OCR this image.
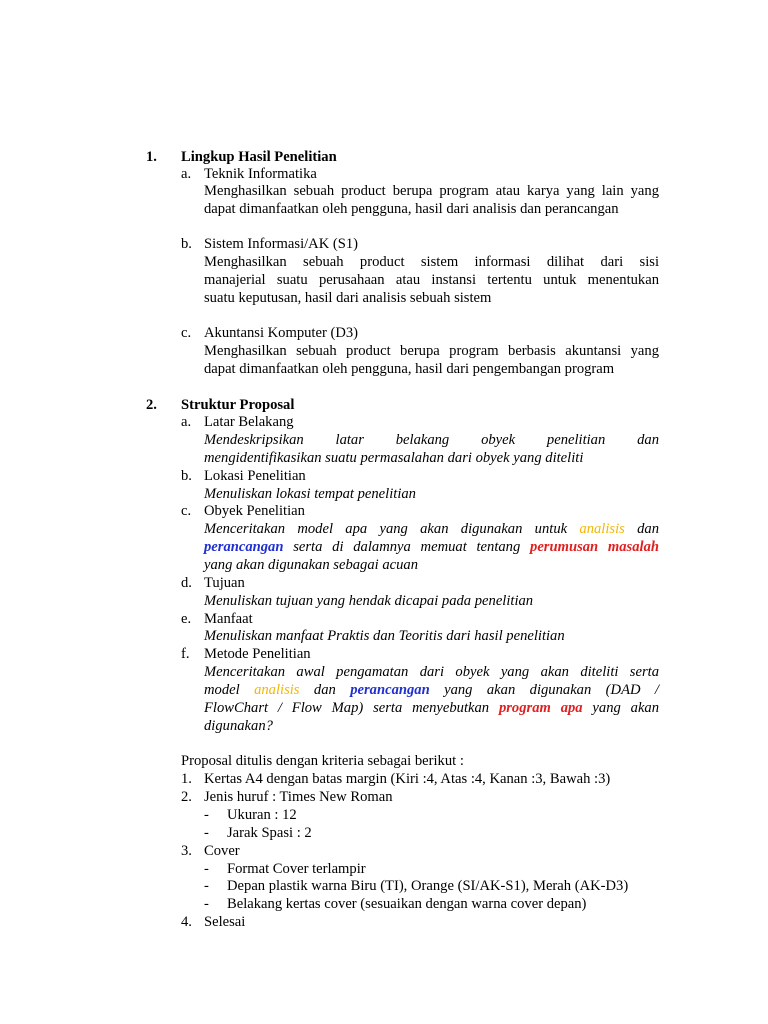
1. Lingkup Hasil Penelitian
a. Teknik Informatika
Menghasilkan sebuah product berupa program atau karya yang lain yang
dapat dimanfaatkan oleh pengguna, hasil dari analisis dan perancangan
b. Sistem Informasi/AK (S1)
Menghasilkan sebuah product sistem informasi dilihat dari sisi
manajerial suatu perusahaan atau instansi tertentu untuk menentukan
suatu keputusan, hasil dari analisis sebuah sistem
c. Akuntansi Komputer (D3)
Menghasilkan sebuah product berupa program berbasis akuntansi yang
dapat dimanfaatkan oleh pengguna, hasil dari pengembangan program
2. Struktur Proposal
a. Latar Belakang
Mendeskripsikan latar belakang obyek penelitian dan
mengidentifikasikan suatu permasalahan dari obyek yang diteliti
b. Lokasi Penelitian
Menuliskan lokasi tempat penelitian
c. Obyek Penelitian
Menceritakan model apa yang akan digunakan untuk analisis dan
perancangan serta di dalamnya memuat tentang perumusan masalah
yang akan digunakan sebagai acuan
d. Tujuan
Menuliskan tujuan yang hendak dicapai pada penelitian
e. Manfaat
Menuliskan manfaat Praktis dan Teoritis dari hasil penelitian
f. Metode Penelitian
Menceritakan awal pengamatan dari obyek yang akan diteliti serta
model analisis dan perancangan yang akan digunakan (DAD /
FlowChart / Flow Map) serta menyebutkan program apa yang akan
digunakan?
Proposal ditulis dengan kriteria sebagai berikut :
1. Kertas A4 dengan batas margin (Kiri :4, Atas :4, Kanan :3, Bawah :3)
2. Jenis huruf : Times New Roman
- Ukuran : 12
- Jarak Spasi : 2
3. Cover
- Format Cover terlampir
- Depan plastik warna Biru (TI), Orange (SI/AK-S1), Merah (AK-D3)
- Belakang kertas cover (sesuaikan dengan warna cover depan)
4. Selesai
